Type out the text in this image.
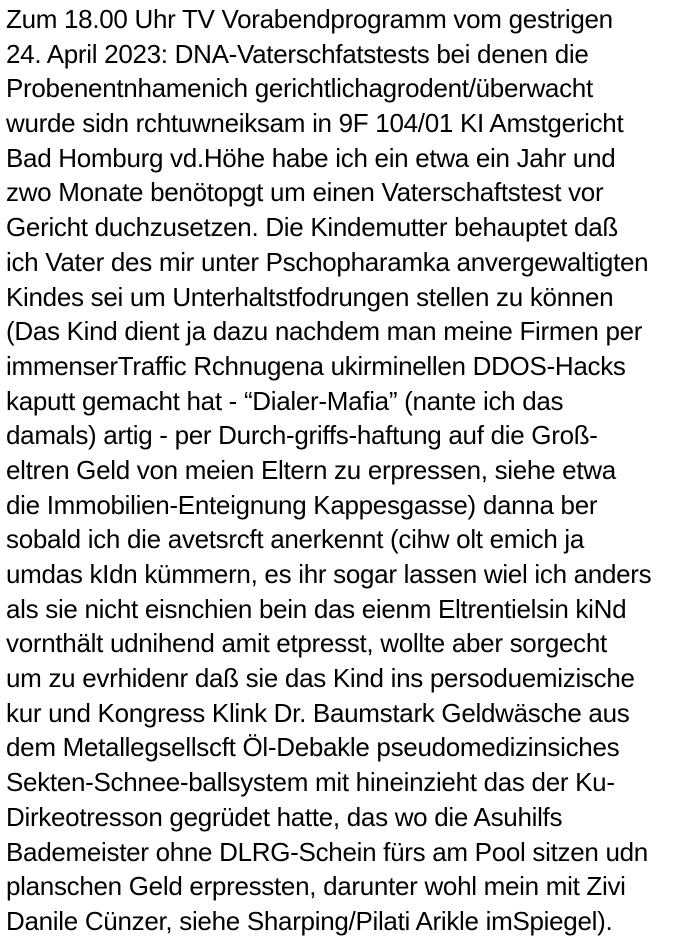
Zum 18.00 Uhr TV Vorabendprogramm vom gestrigen
24. April 2023: DNA-Vaterschfatstests bei denen die
Probenentnhamenich gerichtlichagrodent/überwacht
wurde sidn rchtuwneiksam in 9F 104/01 KI Amstgericht
Bad Homburg vd.Höhe habe ich ein etwa ein Jahr und
zwo Monate benötopgt um einen Vaterschaftstest vor
Gericht duchzusetzen. Die Kindemutter behauptet daß
ich Vater des mir unter Pschopharamka anvergewaltigten
Kindes sei um Unterhaltstfodrungen stellen zu können
(Das Kind dient ja dazu nachdem man meine Firmen per
immenserTraffic Rchnugena ukirminellen DDOS-Hacks
kaputt gemacht hat - “Dialer-Mafia” (nante ich das
damals) artig - per Durch-griffs-haftung auf die Groß-
eltren Geld von meien Eltern zu erpressen, siehe etwa
die Immobilien-Enteignung Kappesgasse) danna ber
sobald ich die avetsrcft anerkennt (cihw olt emich ja
umdas kIdn kümmern, es ihr sogar lassen wiel ich anders
als sie nicht eisnchien bein das eienm Eltrentielsin kiNd
vornthält udnihend amit etpresst, wollte aber sorgecht
um zu evrhidenr daß sie das Kind ins persoduemizische
kur und Kongress Klink Dr. Baumstark Geldwäsche aus
dem Metallegsellscft Öl-Debakle pseudomedizinsiches
Sekten-Schnee-ballsystem mit hineinzieht das der Ku-
Dirkeotresson gegrüdet hatte, das wo die Asuhilfs
Bademeister ohne DLRG-Schein fürs am Pool sitzen udn
planschen Geld erpressten, darunter wohl mein mit Zivi
Danile Cünzer, siehe Sharping/Pilati Arikle imSpiegel).
